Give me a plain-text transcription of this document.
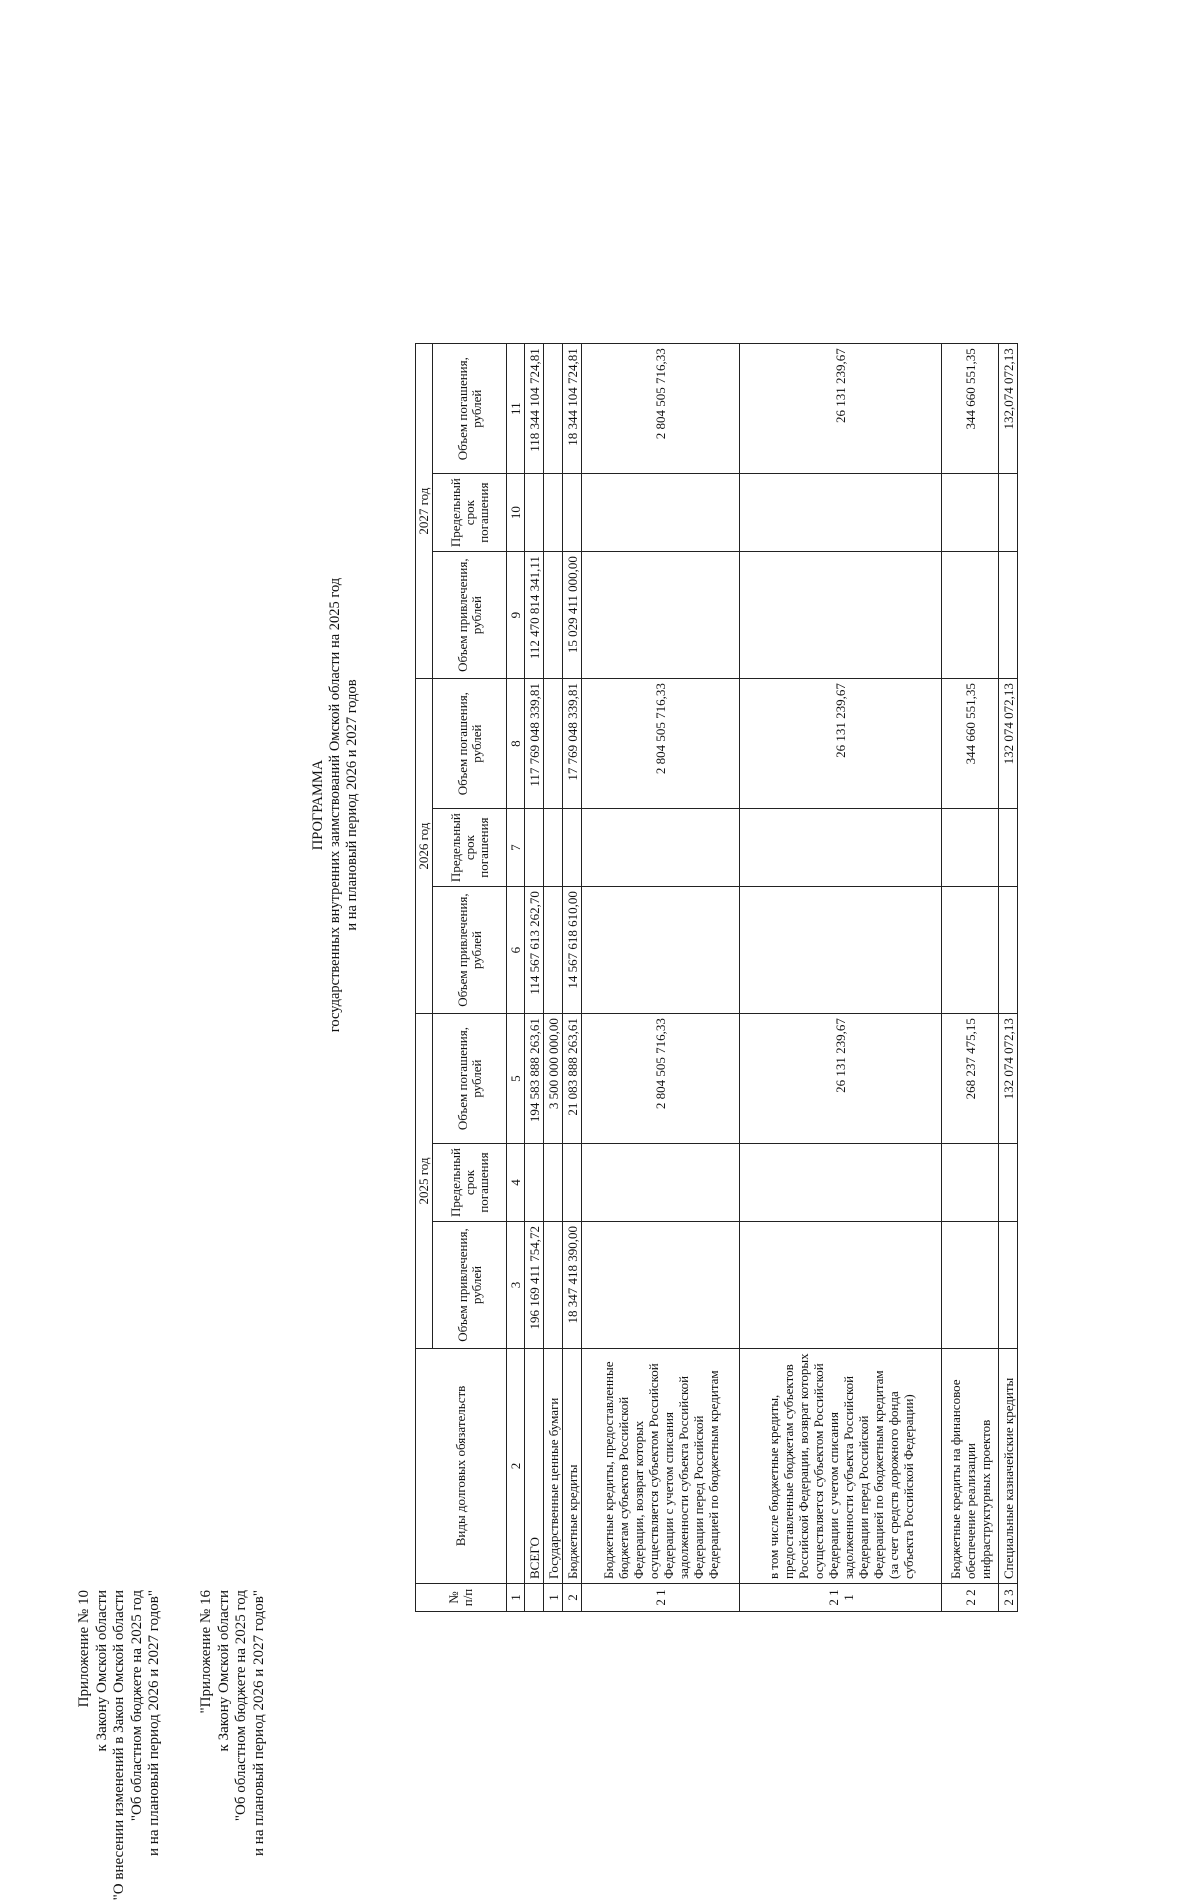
Приложение № 10 к Закону Омской области "О внесении изменений в Закон Омской области "Об областном бюджете на 2025 год и на плановый период 2026 и 2027 годов" "Приложение № 16 к Закону Омской области "Об областном бюджете на 2025 год и на плановый период 2026 и 2027 годов"
ПРОГРАММА государственных внутренних заимствований Омской области на 2025 год и на плановый период 2026 и 2027 годов
№ п/п	Виды долговых обязательств	2025 год			2026 год			2027 год		
		Объем привлечения, рублей	Предельный срок погашения	Объем погашения, рублей	Объем привлечения, рублей	Предельный срок погашения	Объем погашения, рублей	Объем привлечения, рублей	Предельный срок погашения	Объем погашения, рублей
1	2	3	4	5	6	7	8	9	10	11
	ВСЕГО	196 169 411 754,72		194 583 888 263,61	114 567 613 262,70		117 769 048 339,81	112 470 814 341,11		118 344 104 724,81
1	Государственные ценные бумаги			3 500 000 000,00						
2	Бюджетные кредиты	18 347 418 390,00		21 083 888 263,61	14 567 618 610,00		17 769 048 339,81	15 029 411 000,00		18 344 104 724,81
2 1	Бюджетные кредиты, предоставленные бюджетам субъектов Российской Федерации, возврат которых осуществляется субъектом Российской Федерации с учетом списания задолженности субъекта Российской Федерации перед Российской Федерацией по бюджетным кредитам			2 804 505 716,33			2 804 505 716,33			2 804 505 716,33
2 1 1	в том числе бюджетные кредиты, предоставленные бюджетам субъектов Российской Федерации, возврат которых осуществляется субъектом Российской Федерации с учетом списания задолженности субъекта Российской Федерации перед Российской Федерацией по бюджетным кредитам (за счет средств дорожного фонда субъекта Российской Федерации)			26 131 239,67			26 131 239,67			26 131 239,67
2 2	Бюджетные кредиты на финансовое обеспечение реализации инфраструктурных проектов			268 237 475,15			344 660 551,35			344 660 551,35
2 3	Специальные казначейские кредиты			132 074 072,13			132 074 072,13			132,074 072,13
